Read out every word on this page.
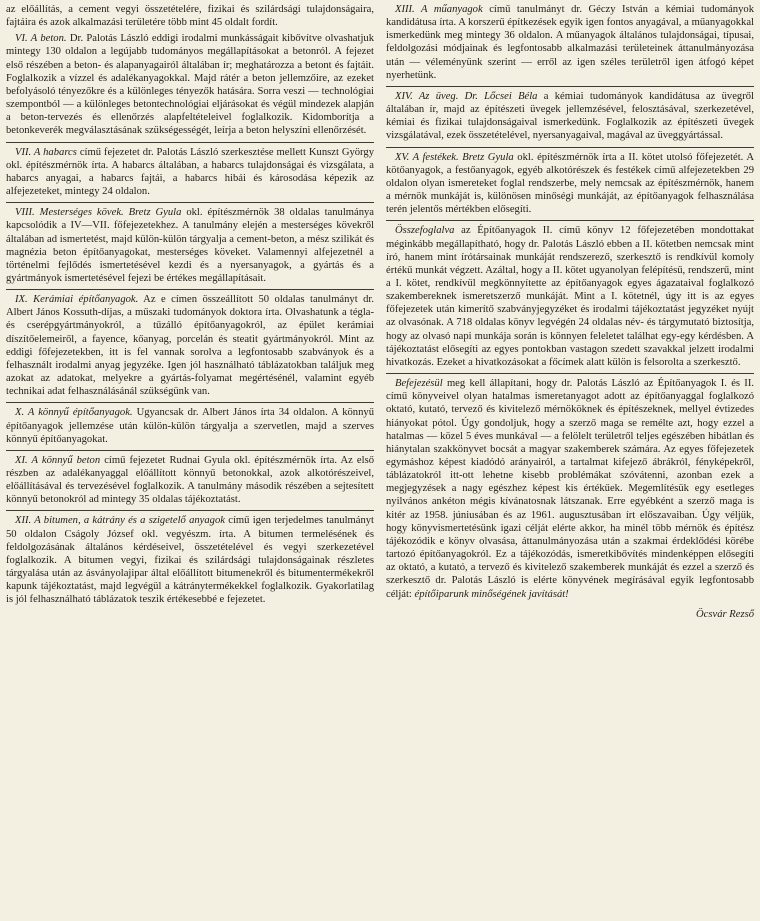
az előállítás, a cement vegyi összetételére, fizikai és szilárdsági tulajdonságaira, fajtáira és azok alkalmazási területére több mint 45 oldalt fordít.

VI. A beton. Dr. Palotás László eddigi irodalmi munkásságait kibővítve olvashatjuk mintegy 130 oldalon a legújabb tudományos megállapításokat a betonról. A fejezet első részében a beton- és alapanyagairól általában ír; meghatározza a betont és fajtáit. Foglalkozik a vízzel és adalékanyagokkal. Majd rátér a beton jellemzőire, az ezeket befolyásoló tényezőkre és a különleges tényezők hatására. Sorra veszi — technológiai szempontból — a különleges betontechnológiai eljárásokat és végül mindezek alapján a beton-tervezés és ellenőrzés alapfeltételeivel foglalkozik. Kidomborítja a betonkeverék megválasztásának szükségességét, leírja a beton helyszíni ellenőrzését.

VII. A habarcs című fejezetet dr. Palotás László szerkesztése mellett Kunszt György okl. építészmérnök írta. A habarcs általában, a habarcs tulajdonságai és vizsgálata, a habarcs anyagai, a habarcs fajtái, a habarcs hibái és károsodása képezik az alfejezeteket, mintegy 24 oldalon.

VIII. Mesterséges kövek. Bretz Gyula okl. építészmérnök 38 oldalas tanulmánya kapcsolódik a IV—VII. főfejezetekhez. A tanulmány elején a mesterséges kövekről általában ad ismertetést, majd külön-külön tárgyalja a cement-beton, a mész szilikát és magnézia beton építőanyagokat, mesterséges köveket. Valamennyi alfejezetnél a történelmi fejlődés ismertetésével kezdi és a nyersanyagok, a gyártás és a gyártmányok ismertetésével fejezi be értékes megállapításait.

IX. Kerámiai építőanyagok. Az e címen összeállított 50 oldalas tanulmányt dr. Albert János Kossuth-díjas, a műszaki tudományok doktora írta. Olvashatunk a tégla- és cserépgyártmányokról, a tűzálló építőanyagokról, az épület kerámiai díszítőelemeiről, a fayence, kőanyag, porcelán és steatit gyártmányokról. Mint az eddigi főfejezetekben, itt is fel vannak sorolva a legfontosabb szabványok és a felhasznált irodalmi anyag jegyzéke. Igen jól használható táblázatokban találjuk meg azokat az adatokat, melyekre a gyártás-folyamat megértésénél, valamint egyéb technikai adat felhasználásánál szükségünk van.

X. A könnyű építőanyagok. Ugyancsak dr. Albert János írta 34 oldalon. A könnyű építőanyagok jellemzése után külön-külön tárgyalja a szervetlen, majd a szerves könnyű építőanyagokat.

XI. A könnyű beton című fejezetet Rudnai Gyula okl. építészmérnök írta. Az első részben az adalékanyaggal előállított könnyű betonokkal, azok alkotórészeivel, előállításával és tervezésével foglalkozik. A tanulmány második részében a sejtesített könnyű betonokról ad mintegy 35 oldalas tájékoztatást.

XII. A bitumen, a kátrány és a szigetelő anyagok című igen terjedelmes tanulmányt 50 oldalon Cságoly József okl. vegyészm. írta. A bitumen termelésének és feldolgozásának általános kérdéseivel, összetételével és vegyi szerkezetével foglalkozik. A bitumen vegyi, fizikai és szilárdsági tulajdonságainak részletes tárgyalása után az ásványolajipar által előállított bitumenekről és bitumentermékekről kapunk tájékoztatást, majd legvégül a kátránytermékekkel foglalkozik. Gyakorlatilag is jól felhasználható táblázatok teszik értékesebbé e fejezetet.

XIII. A műanyagok című tanulmányt dr. Géczy István a kémiai tudományok kandidátusa írta. A korszerű építkezések egyik igen fontos anyagával, a műanyagokkal ismerkedünk meg mintegy 36 oldalon. A műanyagok általános tulajdonságai, típusai, feldolgozási módjainak és legfontosabb alkalmazási területeinek áttanulmányozása után — véleményünk szerint — erről az igen széles területről igen átfogó képet nyerhetünk.

XIV. Az üveg. Dr. Lőcsei Béla a kémiai tudományok kandidátusa az üvegről általában ír, majd az építészeti üvegek jellemzésével, felosztásával, szerkezetével, kémiai és fizikai tulajdonságaival ismerkedünk. Foglalkozik az építészeti üvegek vizsgálatával, ezek összetételével, nyersanyagaival, magával az üveggyártással.

XV. A festékek. Bretz Gyula okl. építészmérnök írta a II. kötet utolsó főfejezetét. A kötőanyagok, a festőanyagok, egyéb alkotórészek és festékek című alfejezetekben 29 oldalon olyan ismereteket foglal rendszerbe, mely nemcsak az építészmérnök, hanem a mérnök munkáját is, különösen minőségi munkáját, az építőanyagok felhasználása terén jelentős mértékben elősegíti.

Összefoglalva az Építőanyagok II. című könyv 12 főfejezetében mondottakat méginkább megállapítható, hogy dr. Palotás László ebben a II. kötetben nemcsak mint író, hanem mint írótársainak munkáját rendszerező, szerkesztő is rendkívül komoly értékű munkát végzett. Azáltal, hogy a II. kötet ugyanolyan felépítésű, rendszerű, mint a I. kötet, rendkívül megkönnyítette az építőanyagok egyes ágazataival foglalkozó szakembereknek ismeretszerző munkáját. Mint a I. kötetnél, úgy itt is az egyes főfejezetek után kimerítő szabványjegyzéket és irodalmi tájékoztatást jegyzéket nyújt az olvasónak. A 718 oldalas könyv legvégén 24 oldalas név- és tárgymutató biztosítja, hogy az olvasó napi munkája során is könnyen feleletet találhat egy-egy kérdésben. A tájékoztatást elősegíti az egyes pontokban vastagon szedett szavakkal jelzett irodalmi hivatkozás. Ezeket a hivatkozásokat a főcímek alatt külön is felsorolta a szerkesztő.

Befejezésül meg kell állapítani, hogy dr. Palotás László az Építőanyagok I. és II. című könyveivel olyan hatalmas ismeretanyagot adott az építőanyaggal foglalkozó oktató, kutató, tervező és kivitelező mérnököknek és építészeknek, mellyel évtizedes hiányokat pótol. Úgy gondoljuk, hogy a szerző maga se remélte azt, hogy ezzel a hatalmas — közel 5 éves munkával — a felölelt területről teljes egészében hibátlan és hiánytalan szakkönyvet bocsát a magyar szakemberek számára. Az egyes főfejezetek egymáshoz képest kiadódó arányairól, a tartalmat kifejező ábrákról, fényképekről, táblázatokról itt-ott lehetne kisebb problémákat szóvátenni, azonban ezek a megjegyzések a nagy egészhez képest kis értékűek. Megemlítésük egy esetleges nyilvános ankéton mégis kívánatosnak látszanak. Erre egyébként a szerző maga is kitér az 1958. júniusában és az 1961. augusztusában írt előszavaiban. Úgy véljük, hogy könyvismertetésünk igazi célját elérte akkor, ha minél több mérnök és építész tájékozódik e könyv olvasása, áttanulmányozása után a szakmai érdeklődési körébe tartozó építőanyagokról. Ez a tájékozódás, ismeretkibővítés mindenképpen elősegíti az oktató, a kutató, a tervező és kivitelező szakemberek munkáját és ezzel a szerző és szerkesztő dr. Palotás László is elérte könyvének megírásával egyik legfontosabb célját: építőiparunk minőségének javítását!

Öcsvár Rezső
